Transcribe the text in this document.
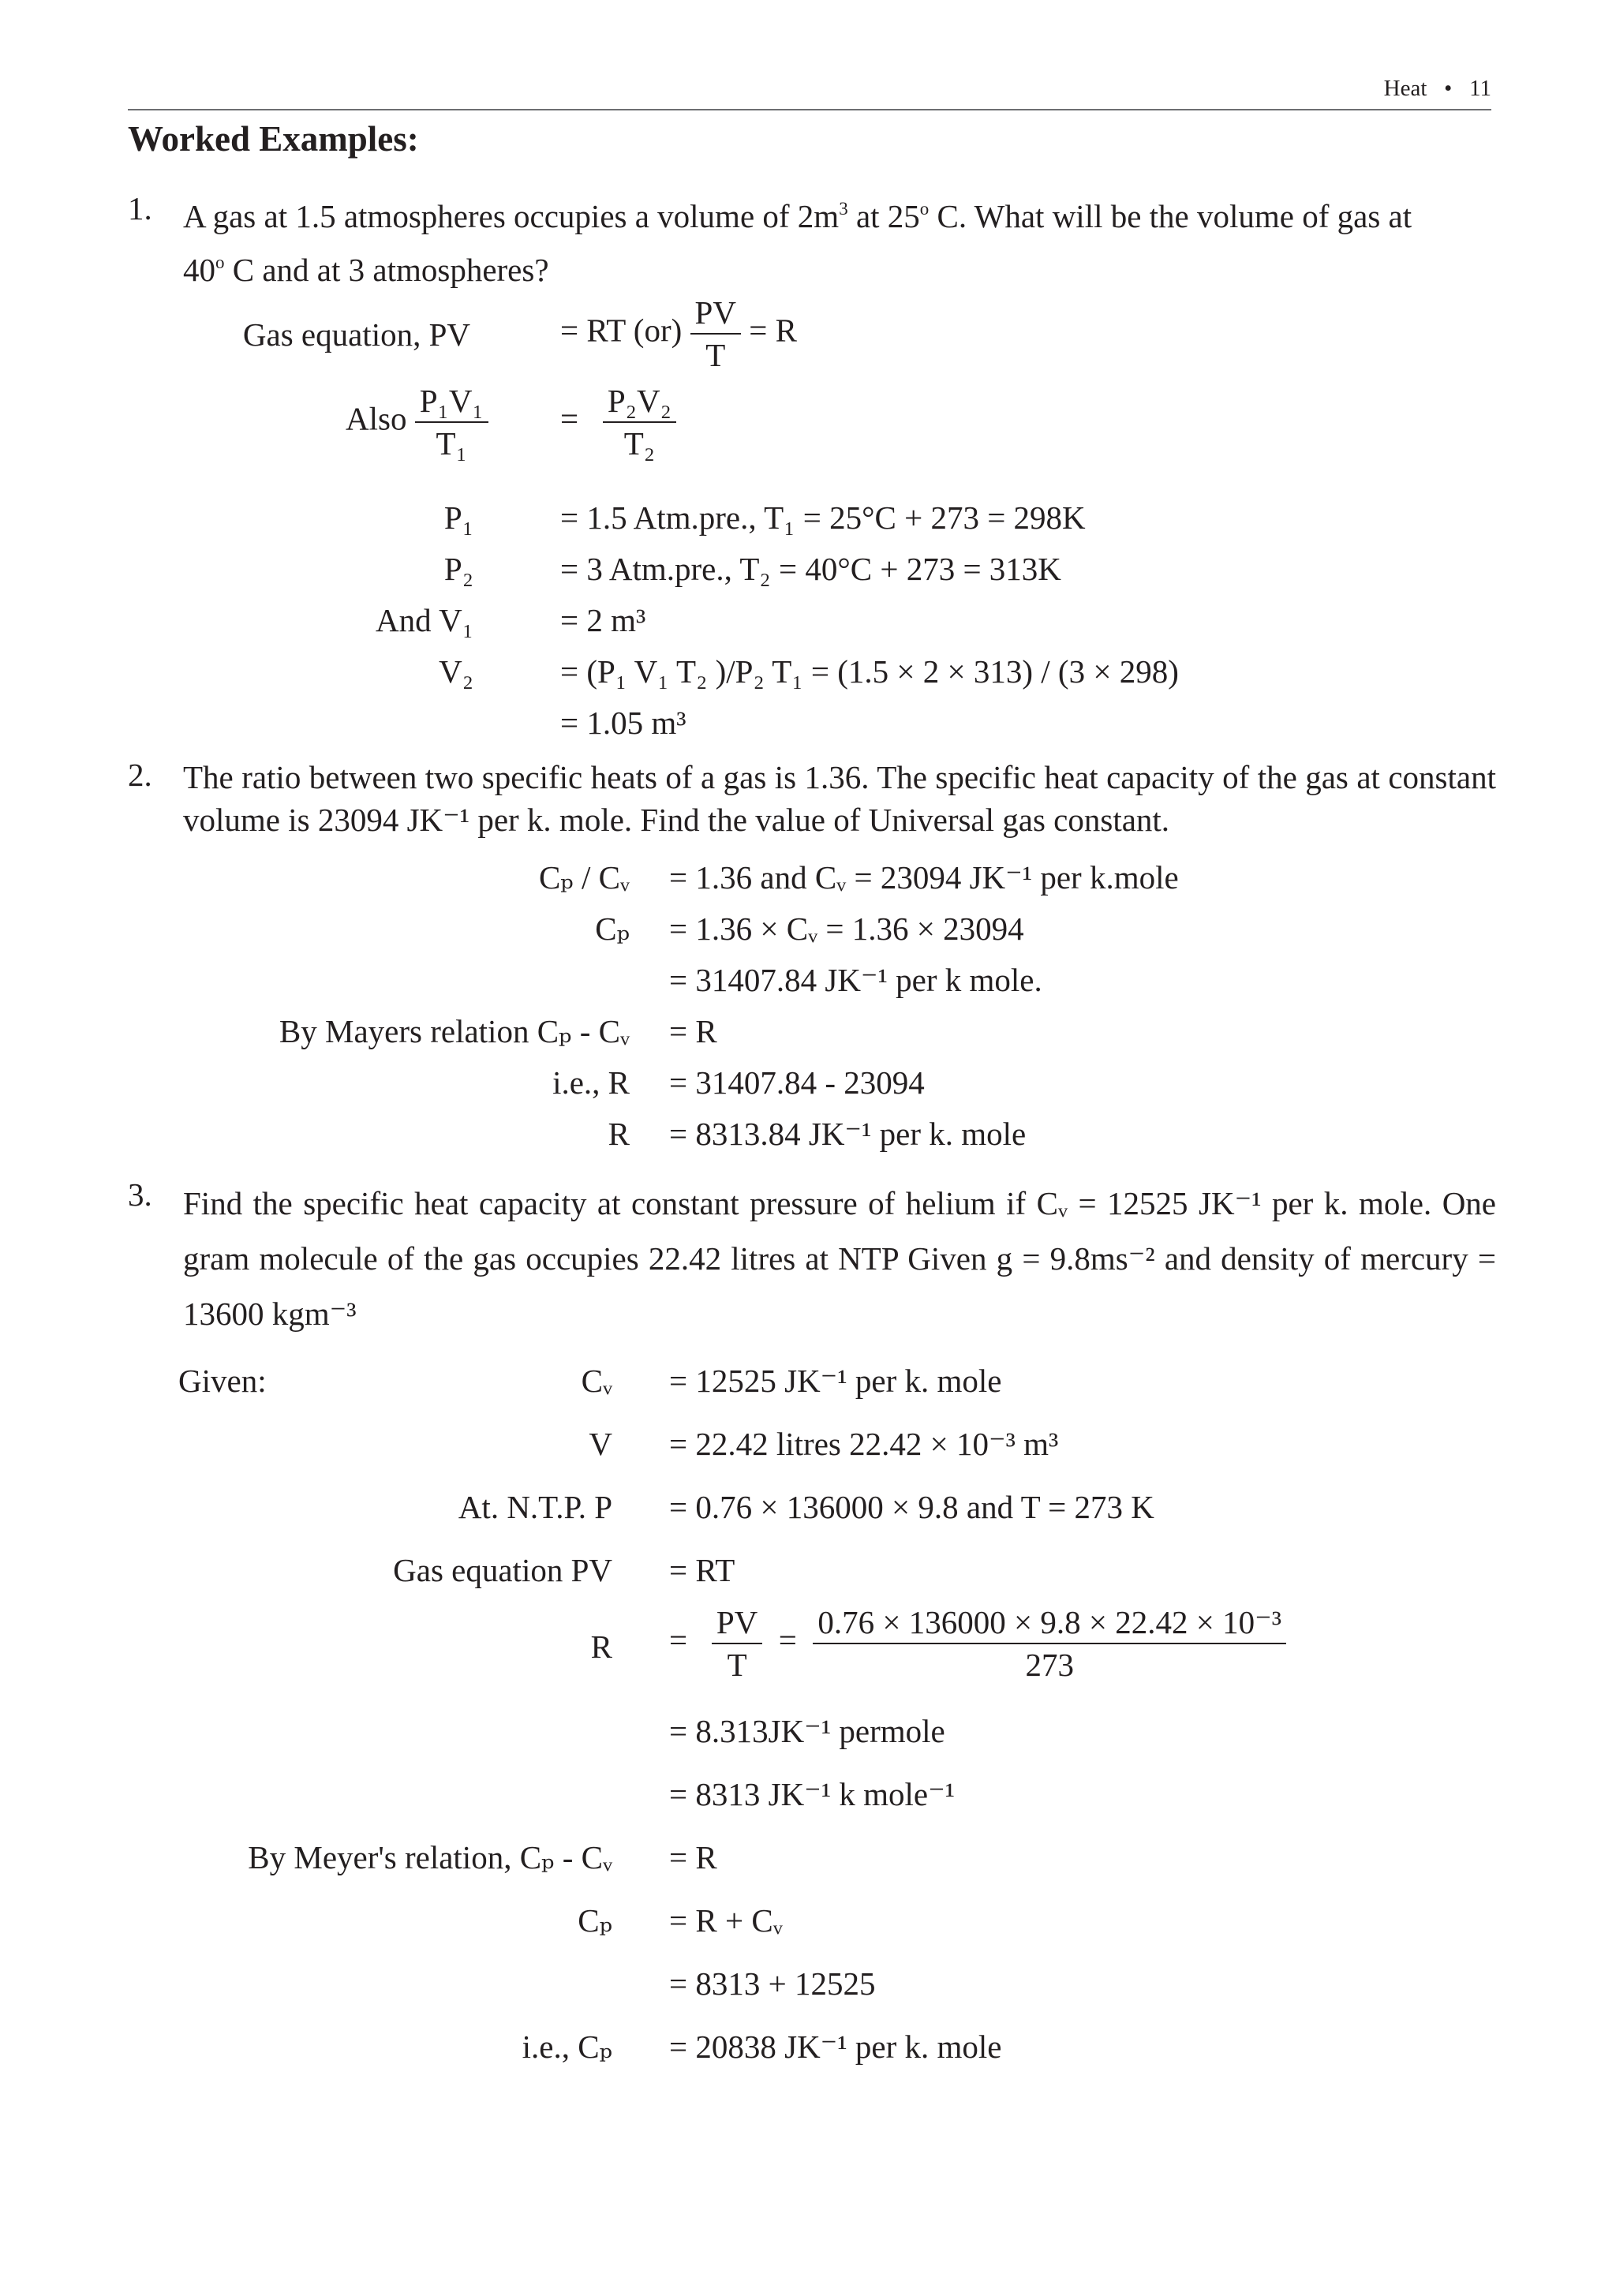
Heat • 11
Worked Examples:
1. A gas at 1.5 atmospheres occupies a volume of $2m^3$ at 25$^o$ C. What will be the volume of gas at
40$^o$ C and at 3 atmospheres?
Gas equation, PV	= RT $(or) \frac{PV}{T} = R$
Also $\frac{\text{P₁V₁}}{\text{T₁}} = \frac{\text{P₂V₂}}{\text{T₂}}$
P₁	= 1.5 Atm.pre., T₁ = 25°C + 273 = 298K
P₂	= 3 Atm.pre., T₂ = 40°C + 273 = 313K
And V₁	= 2 m³
V₂	= (P₁ V₁ T₂ )/P₂ T₁ = (1.5 × 2 × 313) / (3 × 298)
= 1.05 m³
2. The ratio between two specific heats of a gas is 1.36. The specific heat capacity of the gas at constant volume is 23094 JK⁻¹ per k. mole. Find the value of Universal gas constant.
Cₚ / Cᵥ = 1.36 and Cᵥ = 23094 JK⁻¹ per k.mole
Cₚ = 1.36 × Cᵥ = 1.36 × 23094
= 31407.84 JK⁻¹ per k mole.
By Mayers relation Cₚ - Cᵥ = R
i.e., R = 31407.84 - 23094
R = 8313.84 JK⁻¹ per k. mole
3. Find the specific heat capacity at constant pressure of helium if Cᵥ = 12525 JK⁻¹ per k. mole. One gram molecule of the gas occupies 22.42 litres at NTP Given g = 9.8ms⁻² and density of mercury = 13600 kgm⁻³
Given:	Cᵥ = 12525 JK⁻¹ per k. mole
V = 22.42 litres 22.42 × 10⁻³ m³
At. N.T.P. P = 0.76 × 136000 × 9.8 and T = 273 K
Gas equation PV = RT
$R = \frac{PV}{T} = \frac{\text{0.76 × 136000 × 9.8 × 22.42 × 10⁻³}}{273}$
= 8.313JK⁻¹ permole
= 8313 JK⁻¹ k mole⁻¹
By Meyer's relation, Cₚ - Cᵥ = R
Cₚ = R + Cᵥ
= 8313 + 12525
i.e., Cₚ = 20838 JK⁻¹ per k. mole
